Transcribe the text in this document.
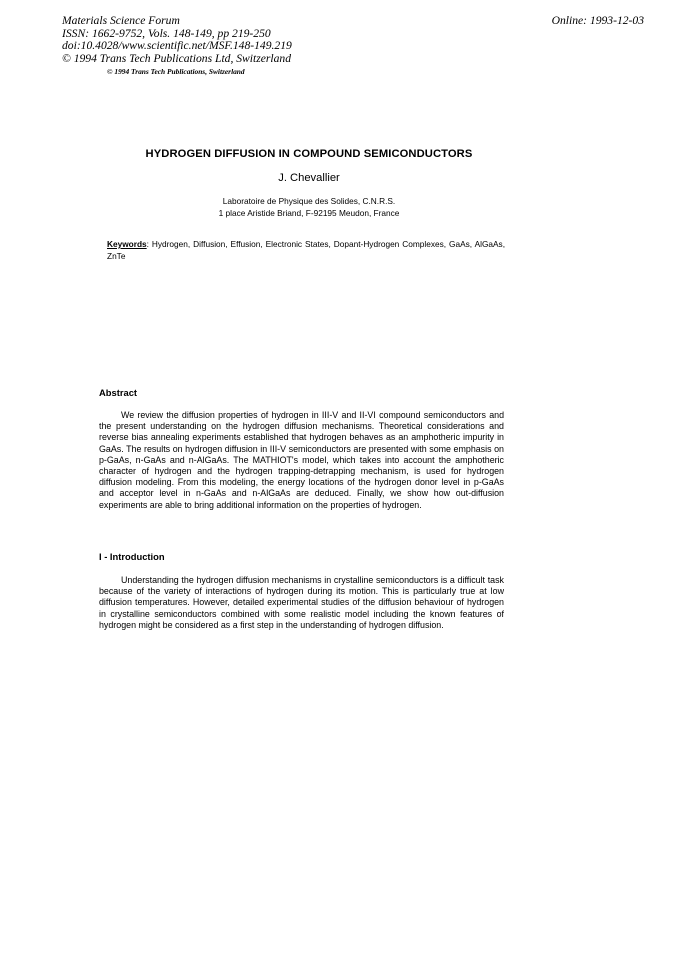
Materials Science Forum
ISSN: 1662-9752, Vols. 148-149, pp 219-250
doi:10.4028/www.scientific.net/MSF.148-149.219
© 1994 Trans Tech Publications Ltd, Switzerland
Online: 1993-12-03
© 1994 Trans Tech Publications, Switzerland
HYDROGEN DIFFUSION IN COMPOUND SEMICONDUCTORS
J. Chevallier
Laboratoire de Physique des Solides, C.N.R.S.
1 place Aristide Briand, F-92195 Meudon, France
Keywords: Hydrogen, Diffusion, Effusion, Electronic States, Dopant-Hydrogen Complexes, GaAs, AlGaAs, ZnTe
Abstract
We review the diffusion properties of hydrogen in III-V and II-VI compound semiconductors and the present understanding on the hydrogen diffusion mechanisms. Theoretical considerations and reverse bias annealing experiments established that hydrogen behaves as an amphotheric impurity in GaAs. The results on hydrogen diffusion in III-V semiconductors are presented with some emphasis on p-GaAs, n-GaAs and n-AlGaAs. The MATHIOT's model, which takes into account the amphotheric character of hydrogen and the hydrogen trapping-detrapping mechanism, is used for hydrogen diffusion modeling. From this modeling, the energy locations of the hydrogen donor level in p-GaAs and acceptor level in n-GaAs and n-AlGaAs are deduced. Finally, we show how out-diffusion experiments are able to bring additional information on the properties of hydrogen.
I - Introduction
Understanding the hydrogen diffusion mechanisms in crystalline semiconductors is a difficult task because of the variety of interactions of hydrogen during its motion. This is particularly true at low diffusion temperatures. However, detailed experimental studies of the diffusion behaviour of hydrogen in crystalline semiconductors combined with some realistic model including the known features of hydrogen might be considered as a first step in the understanding of hydrogen diffusion.
